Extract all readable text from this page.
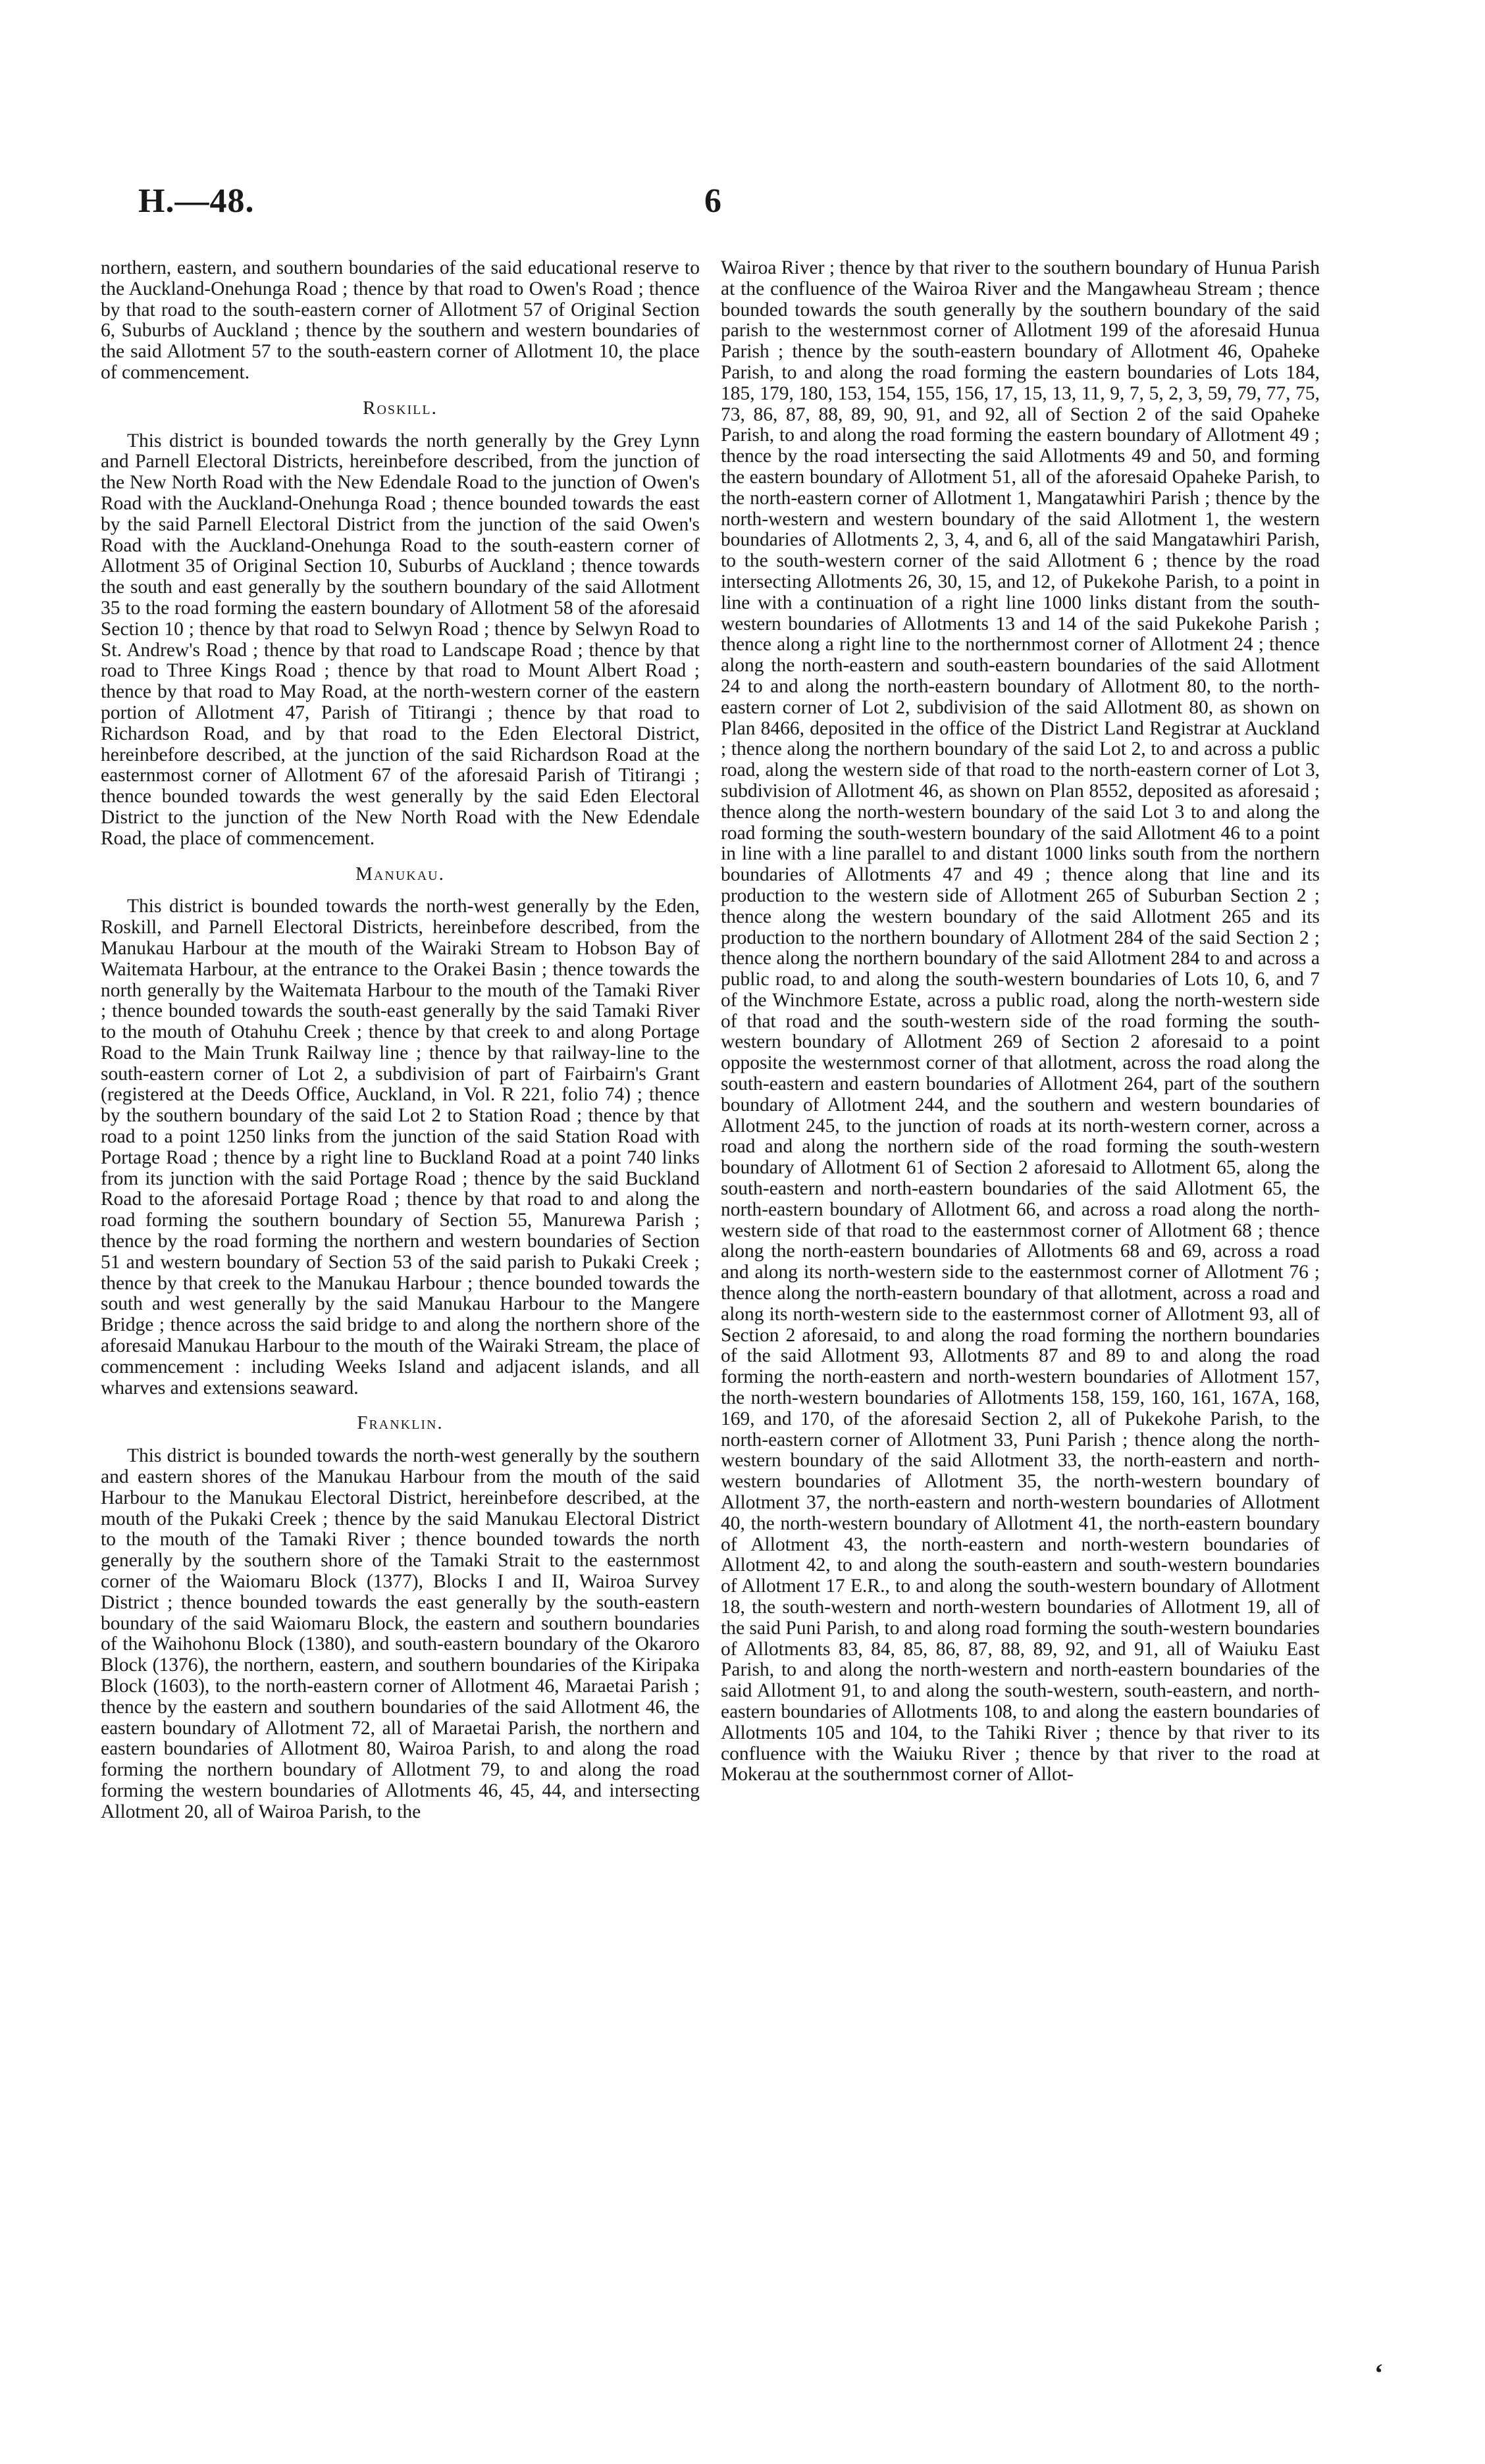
H.—48.	6

northern, eastern, and southern boundaries of the said educational reserve to the Auckland-Onehunga Road ; thence by that road to Owen's Road ; thence by that road to the south-eastern corner of Allotment 57 of Original Section 6, Suburbs of Auckland ; thence by the southern and western boundaries of the said Allotment 57 to the south-eastern corner of Allotment 10, the place of commencement.

Roskill.

This district is bounded towards the north generally by the Grey Lynn and Parnell Electoral Districts, hereinbefore described, from the junction of the New North Road with the New Edendale Road to the junction of Owen's Road with the Auckland-Onehunga Road ; thence bounded towards the east by the said Parnell Electoral District from the junction of the said Owen's Road with the Auckland-Onehunga Road to the south-eastern corner of Allotment 35 of Original Section 10, Suburbs of Auckland ; thence towards the south and east generally by the southern boundary of the said Allotment 35 to the road forming the eastern boundary of Allotment 58 of the aforesaid Section 10 ; thence by that road to Selwyn Road ; thence by Selwyn Road to St. Andrew's Road ; thence by that road to Landscape Road ; thence by that road to Three Kings Road ; thence by that road to Mount Albert Road ; thence by that road to May Road, at the north-western corner of the eastern portion of Allotment 47, Parish of Titirangi ; thence by that road to Richardson Road, and by that road to the Eden Electoral District, hereinbefore described, at the junction of the said Richardson Road at the easternmost corner of Allotment 67 of the aforesaid Parish of Titirangi ; thence bounded towards the west generally by the said Eden Electoral District to the junction of the New North Road with the New Edendale Road, the place of commencement.

Manukau.

This district is bounded towards the north-west generally by the Eden, Roskill, and Parnell Electoral Districts, hereinbefore described, from the Manukau Harbour at the mouth of the Wairaki Stream to Hobson Bay of Waitemata Harbour, at the entrance to the Orakei Basin ; thence towards the north generally by the Waitemata Harbour to the mouth of the Tamaki River ; thence bounded towards the south-east generally by the said Tamaki River to the mouth of Otahuhu Creek ; thence by that creek to and along Portage Road to the Main Trunk Railway line ; thence by that railway-line to the south-eastern corner of Lot 2, a subdivision of part of Fairbairn's Grant (registered at the Deeds Office, Auckland, in Vol. R 221, folio 74) ; thence by the southern boundary of the said Lot 2 to Station Road ; thence by that road to a point 1250 links from the junction of the said Station Road with Portage Road ; thence by a right line to Buckland Road at a point 740 links from its junction with the said Portage Road ; thence by the said Buckland Road to the aforesaid Portage Road ; thence by that road to and along the road forming the southern boundary of Section 55, Manurewa Parish ; thence by the road forming the northern and western boundaries of Section 51 and western boundary of Section 53 of the said parish to Pukaki Creek ; thence by that creek to the Manukau Harbour ; thence bounded towards the south and west generally by the said Manukau Harbour to the Mangere Bridge ; thence across the said bridge to and along the northern shore of the aforesaid Manukau Harbour to the mouth of the Wairaki Stream, the place of commencement : including Weeks Island and adjacent islands, and all wharves and extensions seaward.

Franklin.

This district is bounded towards the north-west generally by the southern and eastern shores of the Manukau Harbour from the mouth of the said Harbour to the Manukau Electoral District, hereinbefore described, at the mouth of the Pukaki Creek ; thence by the said Manukau Electoral District to the mouth of the Tamaki River ; thence bounded towards the north generally by the southern shore of the Tamaki Strait to the easternmost corner of the Waiomaru Block (1377), Blocks I and II, Wairoa Survey District ; thence bounded towards the east generally by the south-eastern boundary of the said Waiomaru Block, the eastern and southern boundaries of the Waihohonu Block (1380), and south-eastern boundary of the Okaroro Block (1376), the northern, eastern, and southern boundaries of the Kiripaka Block (1603), to the north-eastern corner of Allotment 46, Maraetai Parish ; thence by the eastern and southern boundaries of the said Allotment 46, the eastern boundary of Allotment 72, all of Maraetai Parish, the northern and eastern boundaries of Allotment 80, Wairoa Parish, to and along the road forming the northern boundary of Allotment 79, to and along the road forming the western boundaries of Allotments 46, 45, 44, and intersecting Allotment 20, all of Wairoa Parish, to the

Wairoa River ; thence by that river to the southern boundary of Hunua Parish at the confluence of the Wairoa River and the Mangawheau Stream ; thence bounded towards the south generally by the southern boundary of the said parish to the westernmost corner of Allotment 199 of the aforesaid Hunua Parish ; thence by the south-eastern boundary of Allotment 46, Opaheke Parish, to and along the road forming the eastern boundaries of Lots 184, 185, 179, 180, 153, 154, 155, 156, 17, 15, 13, 11, 9, 7, 5, 2, 3, 59, 79, 77, 75, 73, 86, 87, 88, 89, 90, 91, and 92, all of Section 2 of the said Opaheke Parish, to and along the road forming the eastern boundary of Allotment 49 ; thence by the road intersecting the said Allotments 49 and 50, and forming the eastern boundary of Allotment 51, all of the aforesaid Opaheke Parish, to the north-eastern corner of Allotment 1, Mangatawhiri Parish ; thence by the north-western and western boundary of the said Allotment 1, the western boundaries of Allotments 2, 3, 4, and 6, all of the said Mangatawhiri Parish, to the south-western corner of the said Allotment 6 ; thence by the road intersecting Allotments 26, 30, 15, and 12, of Pukekohe Parish, to a point in line with a continuation of a right line 1000 links distant from the south-western boundaries of Allotments 13 and 14 of the said Pukekohe Parish ; thence along a right line to the northernmost corner of Allotment 24 ; thence along the north-eastern and south-eastern boundaries of the said Allotment 24 to and along the north-eastern boundary of Allotment 80, to the north-eastern corner of Lot 2, subdivision of the said Allotment 80, as shown on Plan 8466, deposited in the office of the District Land Registrar at Auckland ; thence along the northern boundary of the said Lot 2, to and across a public road, along the western side of that road to the north-eastern corner of Lot 3, subdivision of Allotment 46, as shown on Plan 8552, deposited as aforesaid ; thence along the north-western boundary of the said Lot 3 to and along the road forming the south-western boundary of the said Allotment 46 to a point in line with a line parallel to and distant 1000 links south from the northern boundaries of Allotments 47 and 49 ; thence along that line and its production to the western side of Allotment 265 of Suburban Section 2 ; thence along the western boundary of the said Allotment 265 and its production to the northern boundary of Allotment 284 of the said Section 2 ; thence along the northern boundary of the said Allotment 284 to and across a public road, to and along the south-western boundaries of Lots 10, 6, and 7 of the Winchmore Estate, across a public road, along the north-western side of that road and the south-western side of the road forming the south-western boundary of Allotment 269 of Section 2 aforesaid to a point opposite the westernmost corner of that allotment, across the road along the south-eastern and eastern boundaries of Allotment 264, part of the southern boundary of Allotment 244, and the southern and western boundaries of Allotment 245, to the junction of roads at its north-western corner, across a road and along the northern side of the road forming the south-western boundary of Allotment 61 of Section 2 aforesaid to Allotment 65, along the south-eastern and north-eastern boundaries of the said Allotment 65, the north-eastern boundary of Allotment 66, and across a road along the north-western side of that road to the easternmost corner of Allotment 68 ; thence along the north-eastern boundaries of Allotments 68 and 69, across a road and along its north-western side to the easternmost corner of Allotment 76 ; thence along the north-eastern boundary of that allotment, across a road and along its north-western side to the easternmost corner of Allotment 93, all of Section 2 aforesaid, to and along the road forming the northern boundaries of the said Allotment 93, Allotments 87 and 89 to and along the road forming the north-eastern and north-western boundaries of Allotment 157, the north-western boundaries of Allotments 158, 159, 160, 161, 167A, 168, 169, and 170, of the aforesaid Section 2, all of Pukekohe Parish, to the north-eastern corner of Allotment 33, Puni Parish ; thence along the north-western boundary of the said Allotment 33, the north-eastern and north-western boundaries of Allotment 35, the north-western boundary of Allotment 37, the north-eastern and north-western boundaries of Allotment 40, the north-western boundary of Allotment 41, the north-eastern boundary of Allotment 43, the north-eastern and north-western boundaries of Allotment 42, to and along the south-eastern and south-western boundaries of Allotment 17 E.R., to and along the south-western boundary of Allotment 18, the south-western and north-western boundaries of Allotment 19, all of the said Puni Parish, to and along road forming the south-western boundaries of Allotments 83, 84, 85, 86, 87, 88, 89, 92, and 91, all of Waiuku East Parish, to and along the north-western and north-eastern boundaries of the said Allotment 91, to and along the south-western, south-eastern, and north-eastern boundaries of Allotments 108, to and along the eastern boundaries of Allotments 105 and 104, to the Tahiki River ; thence by that river to its confluence with the Waiuku River ; thence by that river to the road at Mokerau at the southernmost corner of Allot-

‘
